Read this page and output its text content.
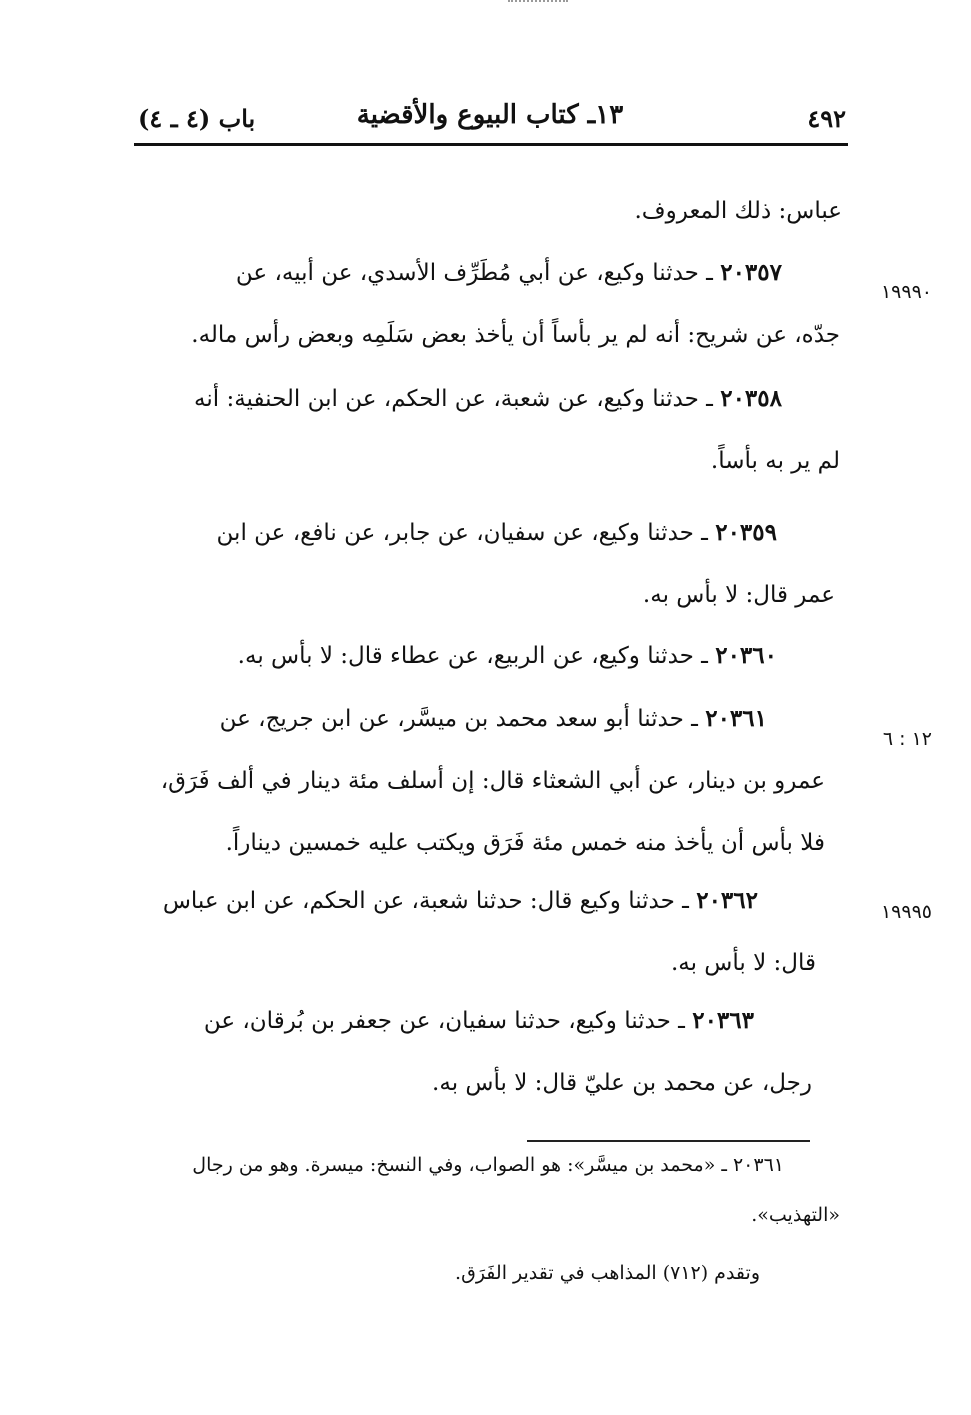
٤٩٢
١٣ـ كتاب البيوع والأقضية
باب (٤ ـ ٤)

عباس: ذلك المعروف.

١٩٩٩٠

٢٠٣٥٧ ـ حدثنا وكيع، عن أبي مُطَرِّف الأسدي، عن أبيه، عن

جدّه، عن شريح: أنه لم ير بأساً أن يأخذ بعض سَلَمِه وبعض رأس ماله.

٢٠٣٥٨ ـ حدثنا وكيع، عن شعبة، عن الحكم، عن ابن الحنفية: أنه

لم ير به بأساً.

٢٠٣٥٩ ـ حدثنا وكيع، عن سفيان، عن جابر، عن نافع، عن ابن

عمر قال: لا بأس به.

٢٠٣٦٠ ـ حدثنا وكيع، عن الربيع، عن عطاء قال: لا بأس به.

١٢ : ٦

٢٠٣٦١ ـ حدثنا أبو سعد محمد بن ميسَّر، عن ابن جريج، عن

عمرو بن دينار، عن أبي الشعثاء قال: إن أسلف مئة دينار في ألف فَرَق،

فلا بأس أن يأخذ منه خمس مئة فَرَق ويكتب عليه خمسين ديناراً.

١٩٩٩٥

٢٠٣٦٢ ـ حدثنا وكيع قال: حدثنا شعبة، عن الحكم، عن ابن عباس

قال: لا بأس به.

٢٠٣٦٣ ـ حدثنا وكيع، حدثنا سفيان، عن جعفر بن بُرقان، عن

رجل، عن محمد بن عليّ قال: لا بأس به.

٢٠٣٦١ ـ «محمد بن ميسَّر»: هو الصواب، وفي النسخ: ميسرة. وهو من رجال

«التهذيب».

وتقدم (٧١٢) المذاهب في تقدير الفَرَق.
